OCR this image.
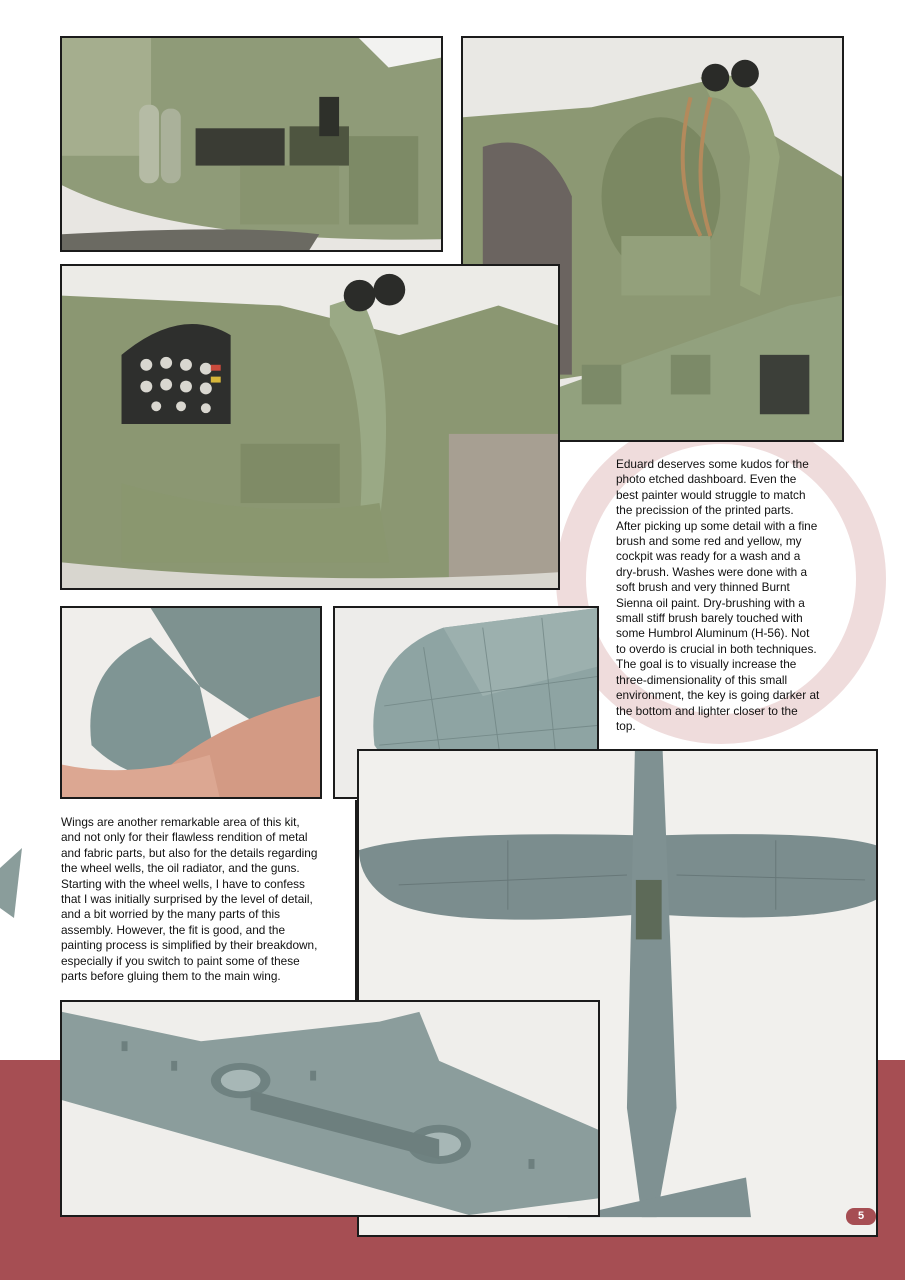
Eduard deserves some kudos for the
photo etched dashboard. Even the
best painter would struggle to match
the precission of the printed parts.
After picking up some detail with a fine
brush and some red and yellow, my
cockpit was ready for a wash and a
dry-brush. Washes were done with a
soft brush and very thinned Burnt
Sienna oil paint. Dry-brushing with a
small stiff brush barely touched with
some Humbrol Aluminum (H-56). Not
to overdo is crucial in both techniques.
The goal is to visually increase the
three-dimensionality of this small
environment, the key is going darker at
the bottom and lighter closer to the
top.
Wings are another remarkable area of this kit,
and not only for their flawless rendition of metal
and fabric parts, but also for the details regarding
the wheel wells, the oil radiator, and the guns.
Starting with the wheel wells, I have to confess
that I was initially surprised by the level of detail,
and a bit worried by the many parts of this
assembly. However, the fit is good, and the
painting process is simplified by their breakdown,
especially if you switch to paint some of these
parts before gluing them to the main wing.
5
